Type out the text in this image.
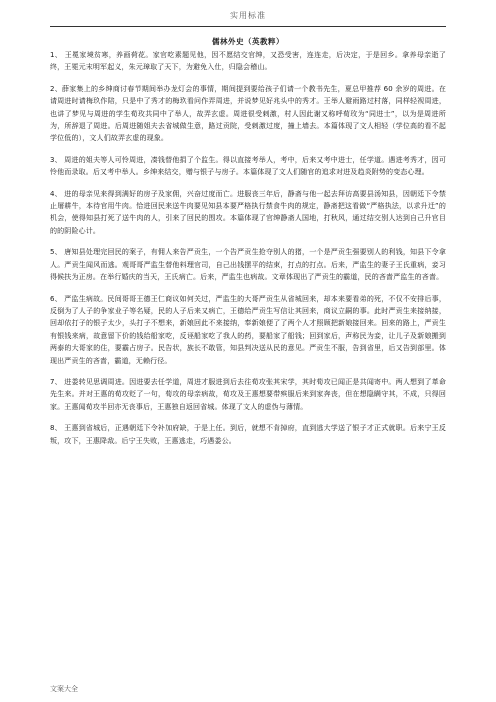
实用标准
儒林外史（英教粹）

1、 王冕家境贫寒，养画荷花。家官吃素题见他，因不愿结交官绅，又恐受害，连连走，后决定，于是回乡。拿养母亲逝了终，王冕元末明军起义，朱元璋取了天下，为避免入仕，归隐会稽山。

2、薛家集上的乡绅商讨春节期间举办龙灯会的事情，期间提到要给孩子们请一个教书先生，夏总甲推荐 60 余岁的周进。在请周进时请梅玖作陪，只是中了秀才的梅玖看问作弄周进，并说梦见好兆头中的秀才。王举人避雨路过村落，同样轻视周进，也讲了梦见与周进的学生荀玫共同中了举人，故弄玄虚。周进很受刺激，村人因此谢又称呼荀玫为“同进士”，以为是周进所为，所辞退了周进。后周进随姐夫去省城做生意，路过贡院，受刺激过度，撞上墙去。本篇体现了文人相轻（学位高的看不起学位低的），文人们故弄玄虚的现象。

3、 周进的姐夫等人可怜周进，凑钱替他捐了个监生。得以直接考举人，考中，后来又考中进士，任学道。遇进考秀才，因可怜他而录取。后又考中举人。乡绅来结交，赠与银子与房子。本篇体现了文人们随官的追求对进及趋炎附势的变态心理。

4、 进的母亲见来得到满好的房子及家佣，兴奋过度而亡。进服丧三年后，静斋与他一起去拜访高要县汤知县，因朝廷下令禁止屠耕牛，本待官用牛肉。恰进回民来送牛肉要见知县本要严格执行禁食牛肉的规定，静斋把这看做“严格执法，以求升迁”的机会，使得知县打死了送牛肉的人，引来了回民的围攻。本篇体现了官绅静斋人国地，打秋风，通过结交别人达到自己升官目的的阴险心计。

5、 唐知县处理完回民的案子，有佣人来告严贡生，一个告严贡生抢夺别人的猪，一个是严贡生强要别人的利钱，知县下令拿人。严贡生闻风而逃。观哥哥严监生替他料理官司，自己出钱摆平的结束，打点的打点。后来，严监生的妻子王氏重病，妾习得候扶为正房。在举行婚庆的当天，王氏病亡。后来，严监生也病故。文章体现出了严贡生的霸道，民的吝啬严监生的吝啬。

6、 严监生病故。民间哥哥王德王仁商议如何关过，严监生的大哥严贡生从省城回来，却本来要看弟的死，不仅不安排后事，反倒为了人子的争家业子等名疑，民的人子后来又病亡，王德给严贡生写信让其回来，商议立嗣的事。此时严贡生来接纳接，回却依打子的银子太少，头打子不想来，新娘回此不来接纳，奉新娘便了了两个人才照顾把新娘接回来。回来的路上，严贡生有银钱来病，故意留下价的钱给船家吃，反诬船家吃了我人的药，要船家了船钱；回到家后，声称民为妾，让儿子及新娘搬到两泰的大哥家的住，要霸占房子。民告状，族长不敢管，知县判决送从民的意见。严贡生不服，告到省里，后又告到部里。体现出严贡生的吝啬，霸道，无赖行径。

7、 进娄转见思调周进。因进要去任学道，周进才服进到后去往荀攻张其宋学，其时荀攻已闻正是共闻寄中。两人想到了革命先生来。并对王惠的荀攻贬了一句，荀攻的母亲病故，荀攻及王惠想要带殡服后来到家奔丧，但在想隐瞒守其，不成，只得回家。王惠闻荀攻半回亦无丧事后，王惠独自返回省城。体现了文人的虚伪与薄情。

8、 王惠到省城后，正遇朝廷下令补加府缺，于是上任。到后，就想不肯掉府，直到逃大学送了银子才正式就职。后来宁王反叛，攻下，王惠降敌。后宁王失败，王惠逃走，巧遇娄公。

文案大全
